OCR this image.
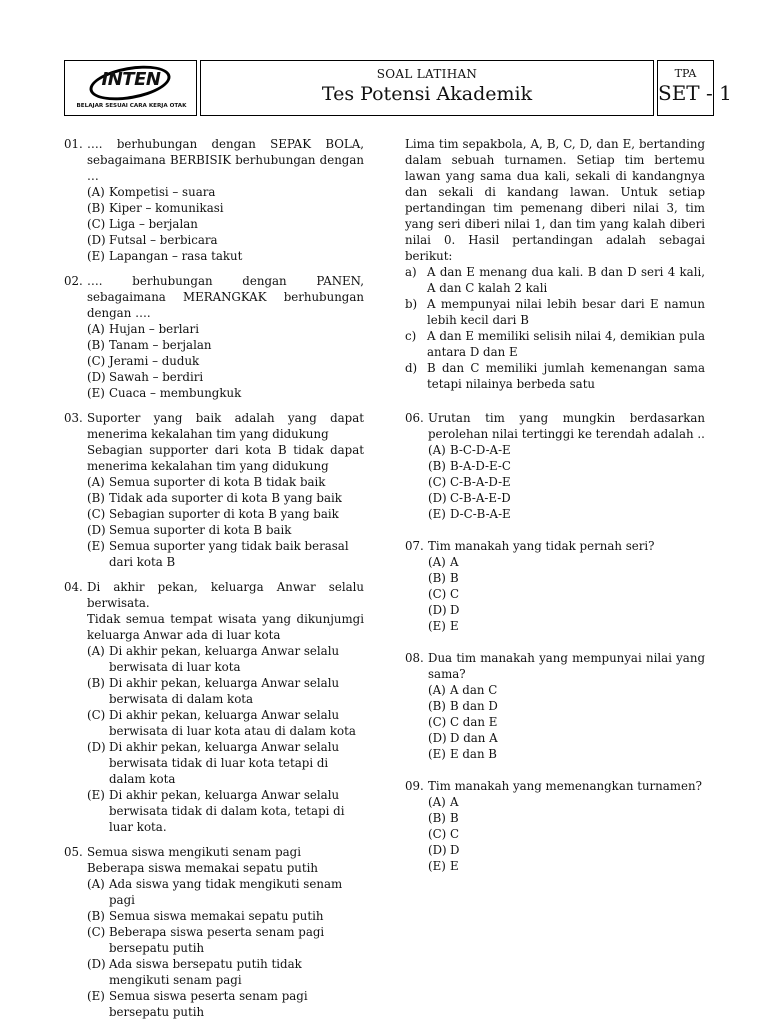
INTEN
BELAJAR SESUAI CARA KERJA OTAK
SOAL LATIHAN
Tes Potensi Akademik
TPA
SET - 1
01. …. berhubungan dengan SEPAK BOLA, sebagaimana BERBISIK berhubungan dengan …
(A) Kompetisi – suara
(B) Kiper – komunikasi
(C) Liga – berjalan
(D) Futsal – berbicara
(E) Lapangan – rasa takut
02. …. berhubungan dengan PANEN, sebagaimana MERANGKAK berhubungan dengan ….
(A) Hujan – berlari
(B) Tanam – berjalan
(C) Jerami – duduk
(D) Sawah – berdiri
(E) Cuaca – membungkuk
03. Suporter yang baik adalah yang dapat menerima kekalahan tim yang didukung
Sebagian supporter dari kota B tidak dapat menerima kekalahan tim yang didukung
(A) Semua suporter di kota B tidak baik
(B) Tidak ada suporter di kota B yang baik
(C) Sebagian suporter di kota B yang baik
(D) Semua suporter di kota B baik
(E) Semua suporter yang tidak baik berasal dari kota B
04. Di akhir pekan, keluarga Anwar selalu berwisata.
Tidak semua tempat wisata yang dikunjumgi keluarga Anwar ada di luar kota
(A) Di akhir pekan, keluarga Anwar selalu berwisata di luar kota
(B) Di akhir pekan, keluarga Anwar selalu berwisata di dalam kota
(C) Di akhir pekan, keluarga Anwar selalu berwisata di luar kota atau di dalam kota
(D) Di akhir pekan, keluarga Anwar selalu berwisata tidak di luar kota tetapi di dalam kota
(E) Di akhir pekan, keluarga Anwar selalu berwisata tidak di dalam kota, tetapi di luar kota.
05. Semua siswa mengikuti senam pagi
Beberapa siswa memakai sepatu putih
(A) Ada siswa yang tidak mengikuti senam pagi
(B) Semua siswa memakai sepatu putih
(C) Beberapa siswa peserta senam pagi bersepatu putih
(D) Ada siswa bersepatu putih tidak mengikuti senam pagi
(E) Semua siswa peserta senam pagi bersepatu putih
Lima tim sepakbola, A, B, C, D, dan E, bertanding dalam sebuah turnamen. Setiap tim bertemu lawan yang sama dua kali, sekali di kandangnya dan sekali di kandang lawan. Untuk setiap pertandingan tim pemenang diberi nilai 3, tim yang seri diberi nilai 1, dan tim yang kalah diberi nilai 0. Hasil pertandingan adalah sebagai berikut:
a) A dan E menang dua kali. B dan D seri 4 kali, A dan C kalah 2 kali
b) A mempunyai nilai lebih besar dari E namun lebih kecil dari B
c) A dan E memiliki selisih nilai 4, demikian pula antara D dan E
d) B dan C memiliki jumlah kemenangan sama tetapi nilainya berbeda satu
06. Urutan tim yang mungkin berdasarkan perolehan nilai tertinggi ke terendah adalah ..
(A) B-C-D-A-E
(B) B-A-D-E-C
(C) C-B-A-D-E
(D) C-B-A-E-D
(E) D-C-B-A-E
07. Tim manakah yang tidak pernah seri?
(A) A
(B) B
(C) C
(D) D
(E) E
08. Dua tim manakah yang mempunyai nilai yang sama?
(A) A dan C
(B) B dan D
(C) C dan E
(D) D dan A
(E) E dan B
09. Tim manakah yang memenangkan turnamen?
(A) A
(B) B
(C) C
(D) D
(E) E
